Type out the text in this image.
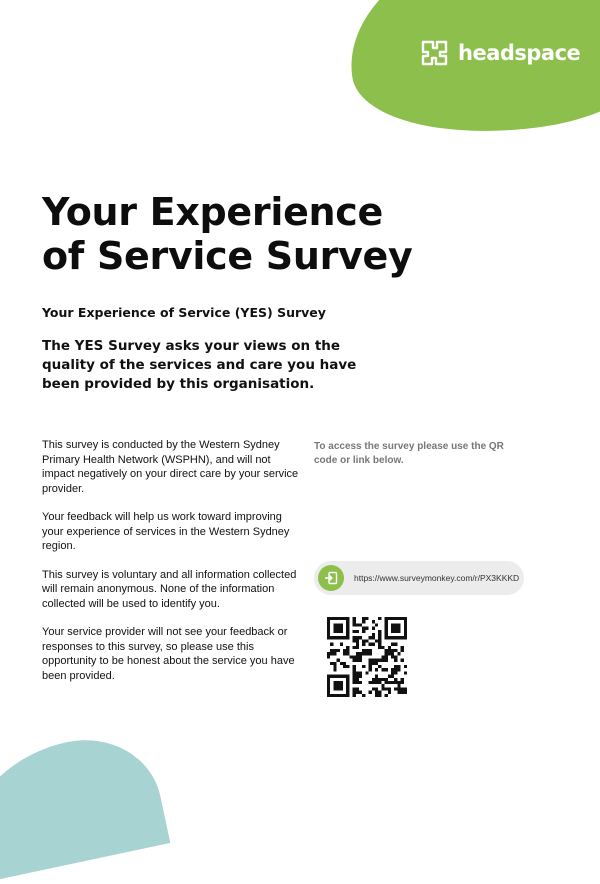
headspace
Your Experience
of Service Survey

Your Experience of Service (YES) Survey

The YES Survey asks your views on the quality of the services and care you have been provided by this organisation.

This survey is conducted by the Western Sydney Primary Health Network (WSPHN), and will not impact negatively on your direct care by your service provider.

Your feedback will help us work toward improving your experience of services in the Western Sydney region.

This survey is voluntary and all information collected will remain anonymous. None of the information collected will be used to identify you.

Your service provider will not see your feedback or responses to this survey, so please use this opportunity to be honest about the service you have been provided.

To access the survey please use the QR code or link below.

https://www.surveymonkey.com/r/PX3KKKD
